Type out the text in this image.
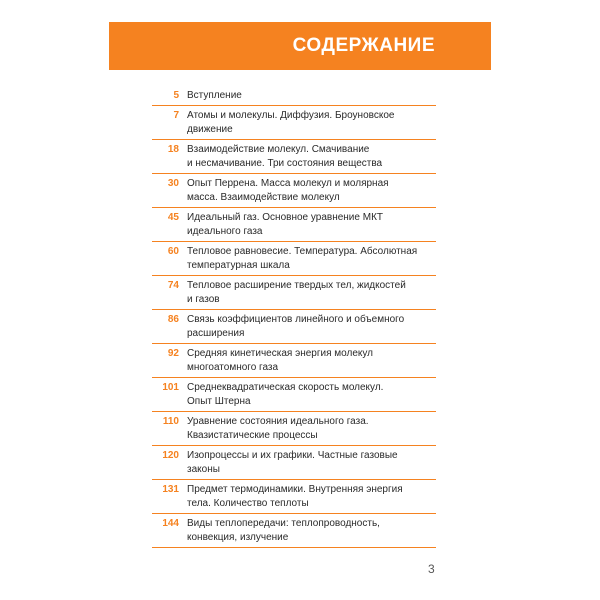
СОДЕРЖАНИЕ
5 Вступление
7 Атомы и молекулы. Диффузия. Броуновское
движение
18 Взаимодействие молекул. Смачивание
и несмачивание. Три состояния вещества
30 Опыт Перрена. Масса молекул и молярная
масса. Взаимодействие молекул
45 Идеальный газ. Основное уравнение МКТ
идеального газа
60 Тепловое равновесие. Температура. Абсолютная
температурная шкала
74 Тепловое расширение твердых тел, жидкостей
и газов
86 Связь коэффициентов линейного и объемного
расширения
92 Средняя кинетическая энергия молекул
многоатомного газа
101 Среднеквадратическая скорость молекул.
Опыт Штерна
110 Уравнение состояния идеального газа.
Квазистатические процессы
120 Изопроцессы и их графики. Частные газовые
законы
131 Предмет термодинамики. Внутренняя энергия
тела. Количество теплоты
144 Виды теплопередачи: теплопроводность,
конвекция, излучение
3
